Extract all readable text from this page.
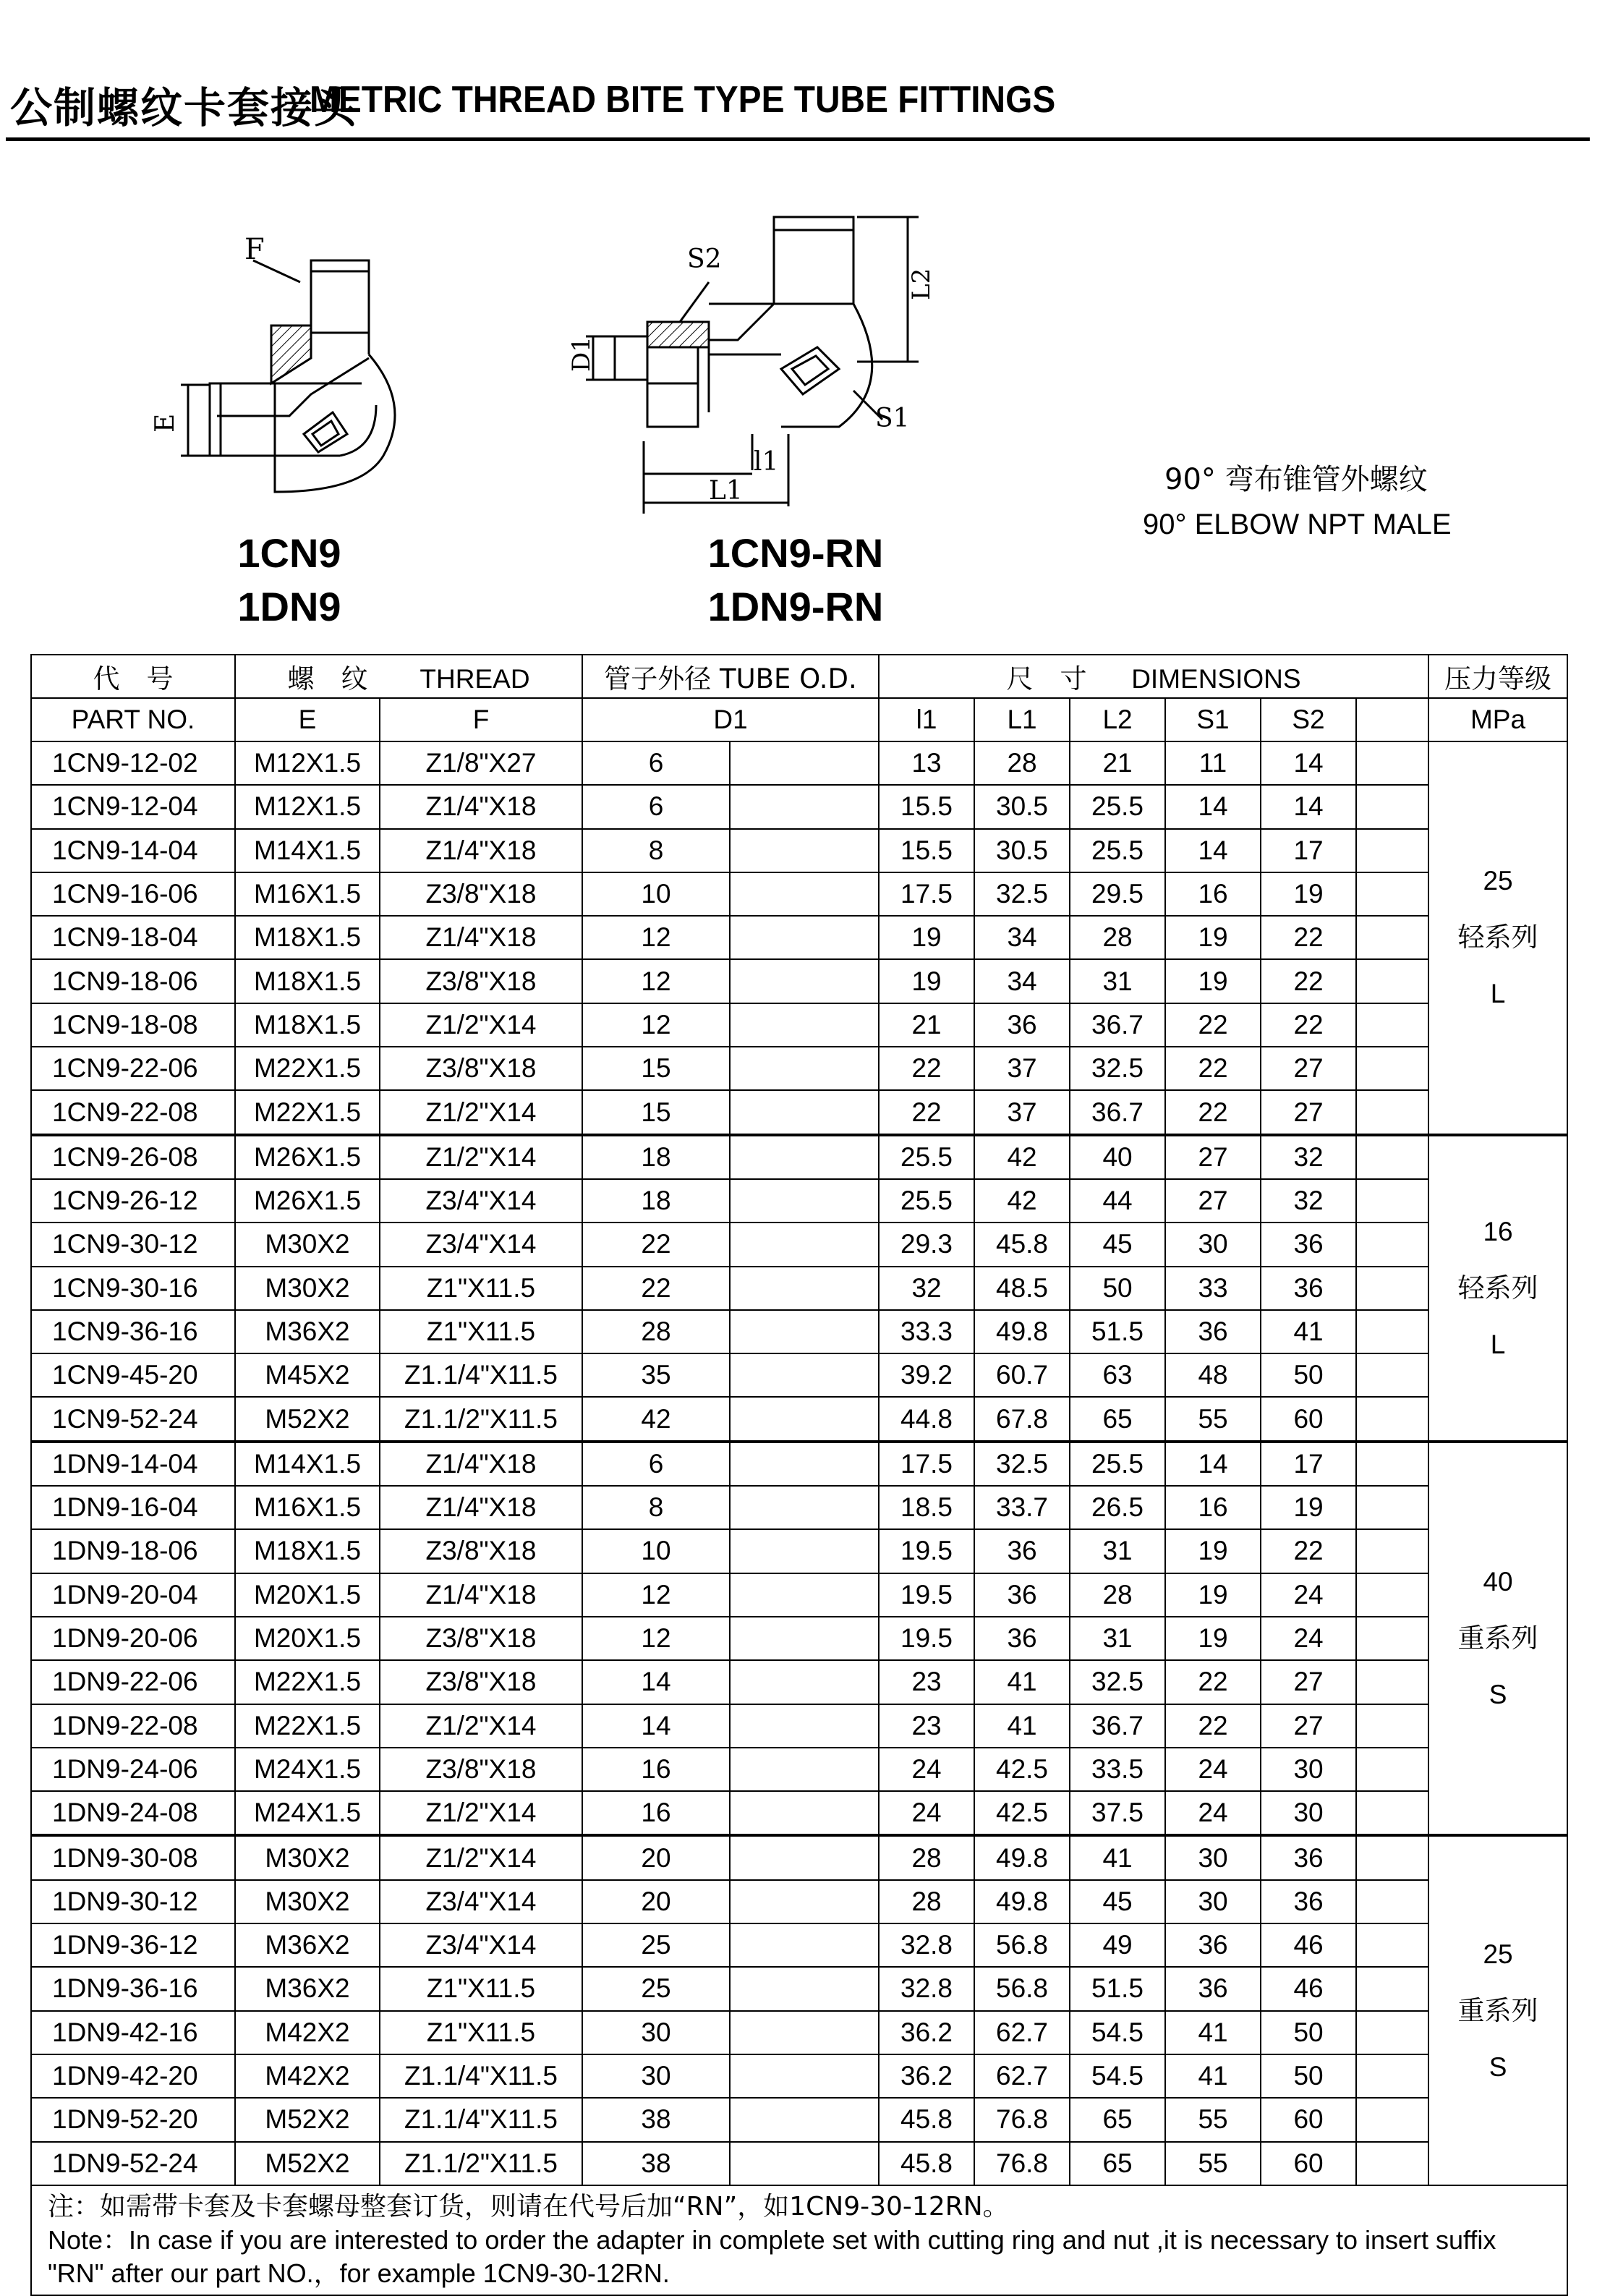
公制螺纹卡套接头
METRIC THREAD BITE TYPE TUBE FITTINGS
F
E
1CN9
1DN9
S2
L2
D1
S1
l1
L1
1CN9-RN
1DN9-RN
90° 弯布锥管外螺纹
90° ELBOW NPT MALE
代　号	螺　纹 THREAD		管子外径 TUBE O.D.		尺　寸 DIMENSIONS						压力等级
PART NO.	E	F	D1		l1	L1	L2	S1	S2		MPa
1CN9-12-02	M12X1.5	Z1/8"X27	6		13	28	21	11	14		25
轻系列
L

1CN9-12-04	M12X1.5	Z1/4"X18	6		15.5	30.5	25.5	14	14		
1CN9-14-04	M14X1.5	Z1/4"X18	8		15.5	30.5	25.5	14	17		
1CN9-16-06	M16X1.5	Z3/8"X18	10		17.5	32.5	29.5	16	19		
1CN9-18-04	M18X1.5	Z1/4"X18	12		19	34	28	19	22		
1CN9-18-06	M18X1.5	Z3/8"X18	12		19	34	31	19	22		
1CN9-18-08	M18X1.5	Z1/2"X14	12		21	36	36.7	22	22		
1CN9-22-06	M22X1.5	Z3/8"X18	15		22	37	32.5	22	27		
1CN9-22-08	M22X1.5	Z1/2"X14	15		22	37	36.7	22	27		
1CN9-26-08	M26X1.5	Z1/2"X14	18		25.5	42	40	27	32		16
轻系列
L

1CN9-26-12	M26X1.5	Z3/4"X14	18		25.5	42	44	27	32		
1CN9-30-12	M30X2	Z3/4"X14	22		29.3	45.8	45	30	36		
1CN9-30-16	M30X2	Z1"X11.5	22		32	48.5	50	33	36		
1CN9-36-16	M36X2	Z1"X11.5	28		33.3	49.8	51.5	36	41		
1CN9-45-20	M45X2	Z1.1/4"X11.5	35		39.2	60.7	63	48	50		
1CN9-52-24	M52X2	Z1.1/2"X11.5	42		44.8	67.8	65	55	60		
1DN9-14-04	M14X1.5	Z1/4"X18	6		17.5	32.5	25.5	14	17		40
重系列
S

1DN9-16-04	M16X1.5	Z1/4"X18	8		18.5	33.7	26.5	16	19		
1DN9-18-06	M18X1.5	Z3/8"X18	10		19.5	36	31	19	22		
1DN9-20-04	M20X1.5	Z1/4"X18	12		19.5	36	28	19	24		
1DN9-20-06	M20X1.5	Z3/8"X18	12		19.5	36	31	19	24		
1DN9-22-06	M22X1.5	Z3/8"X18	14		23	41	32.5	22	27		
1DN9-22-08	M22X1.5	Z1/2"X14	14		23	41	36.7	22	27		
1DN9-24-06	M24X1.5	Z3/8"X18	16		24	42.5	33.5	24	30		
1DN9-24-08	M24X1.5	Z1/2"X14	16		24	42.5	37.5	24	30		
1DN9-30-08	M30X2	Z1/2"X14	20		28	49.8	41	30	36		25
重系列
S

1DN9-30-12	M30X2	Z3/4"X14	20		28	49.8	45	30	36		
1DN9-36-12	M36X2	Z3/4"X14	25		32.8	56.8	49	36	46		
1DN9-36-16	M36X2	Z1"X11.5	25		32.8	56.8	51.5	36	46		
1DN9-42-16	M42X2	Z1"X11.5	30		36.2	62.7	54.5	41	50		
1DN9-42-20	M42X2	Z1.1/4"X11.5	30		36.2	62.7	54.5	41	50		
1DN9-52-20	M52X2	Z1.1/4"X11.5	38		45.8	76.8	65	55	60		
1DN9-52-24	M52X2	Z1.1/2"X11.5	38		45.8	76.8	65	55	60		

注：如需带卡套及卡套螺母整套订货，则请在代号后加“RN”，如1CN9-30-12RN。
Note：In case if you are interested to order the adapter in complete set with cutting ring and nut ,it is necessary to insert suffix
"RN" after our part NO.，for example 1CN9-30-12RN.											
